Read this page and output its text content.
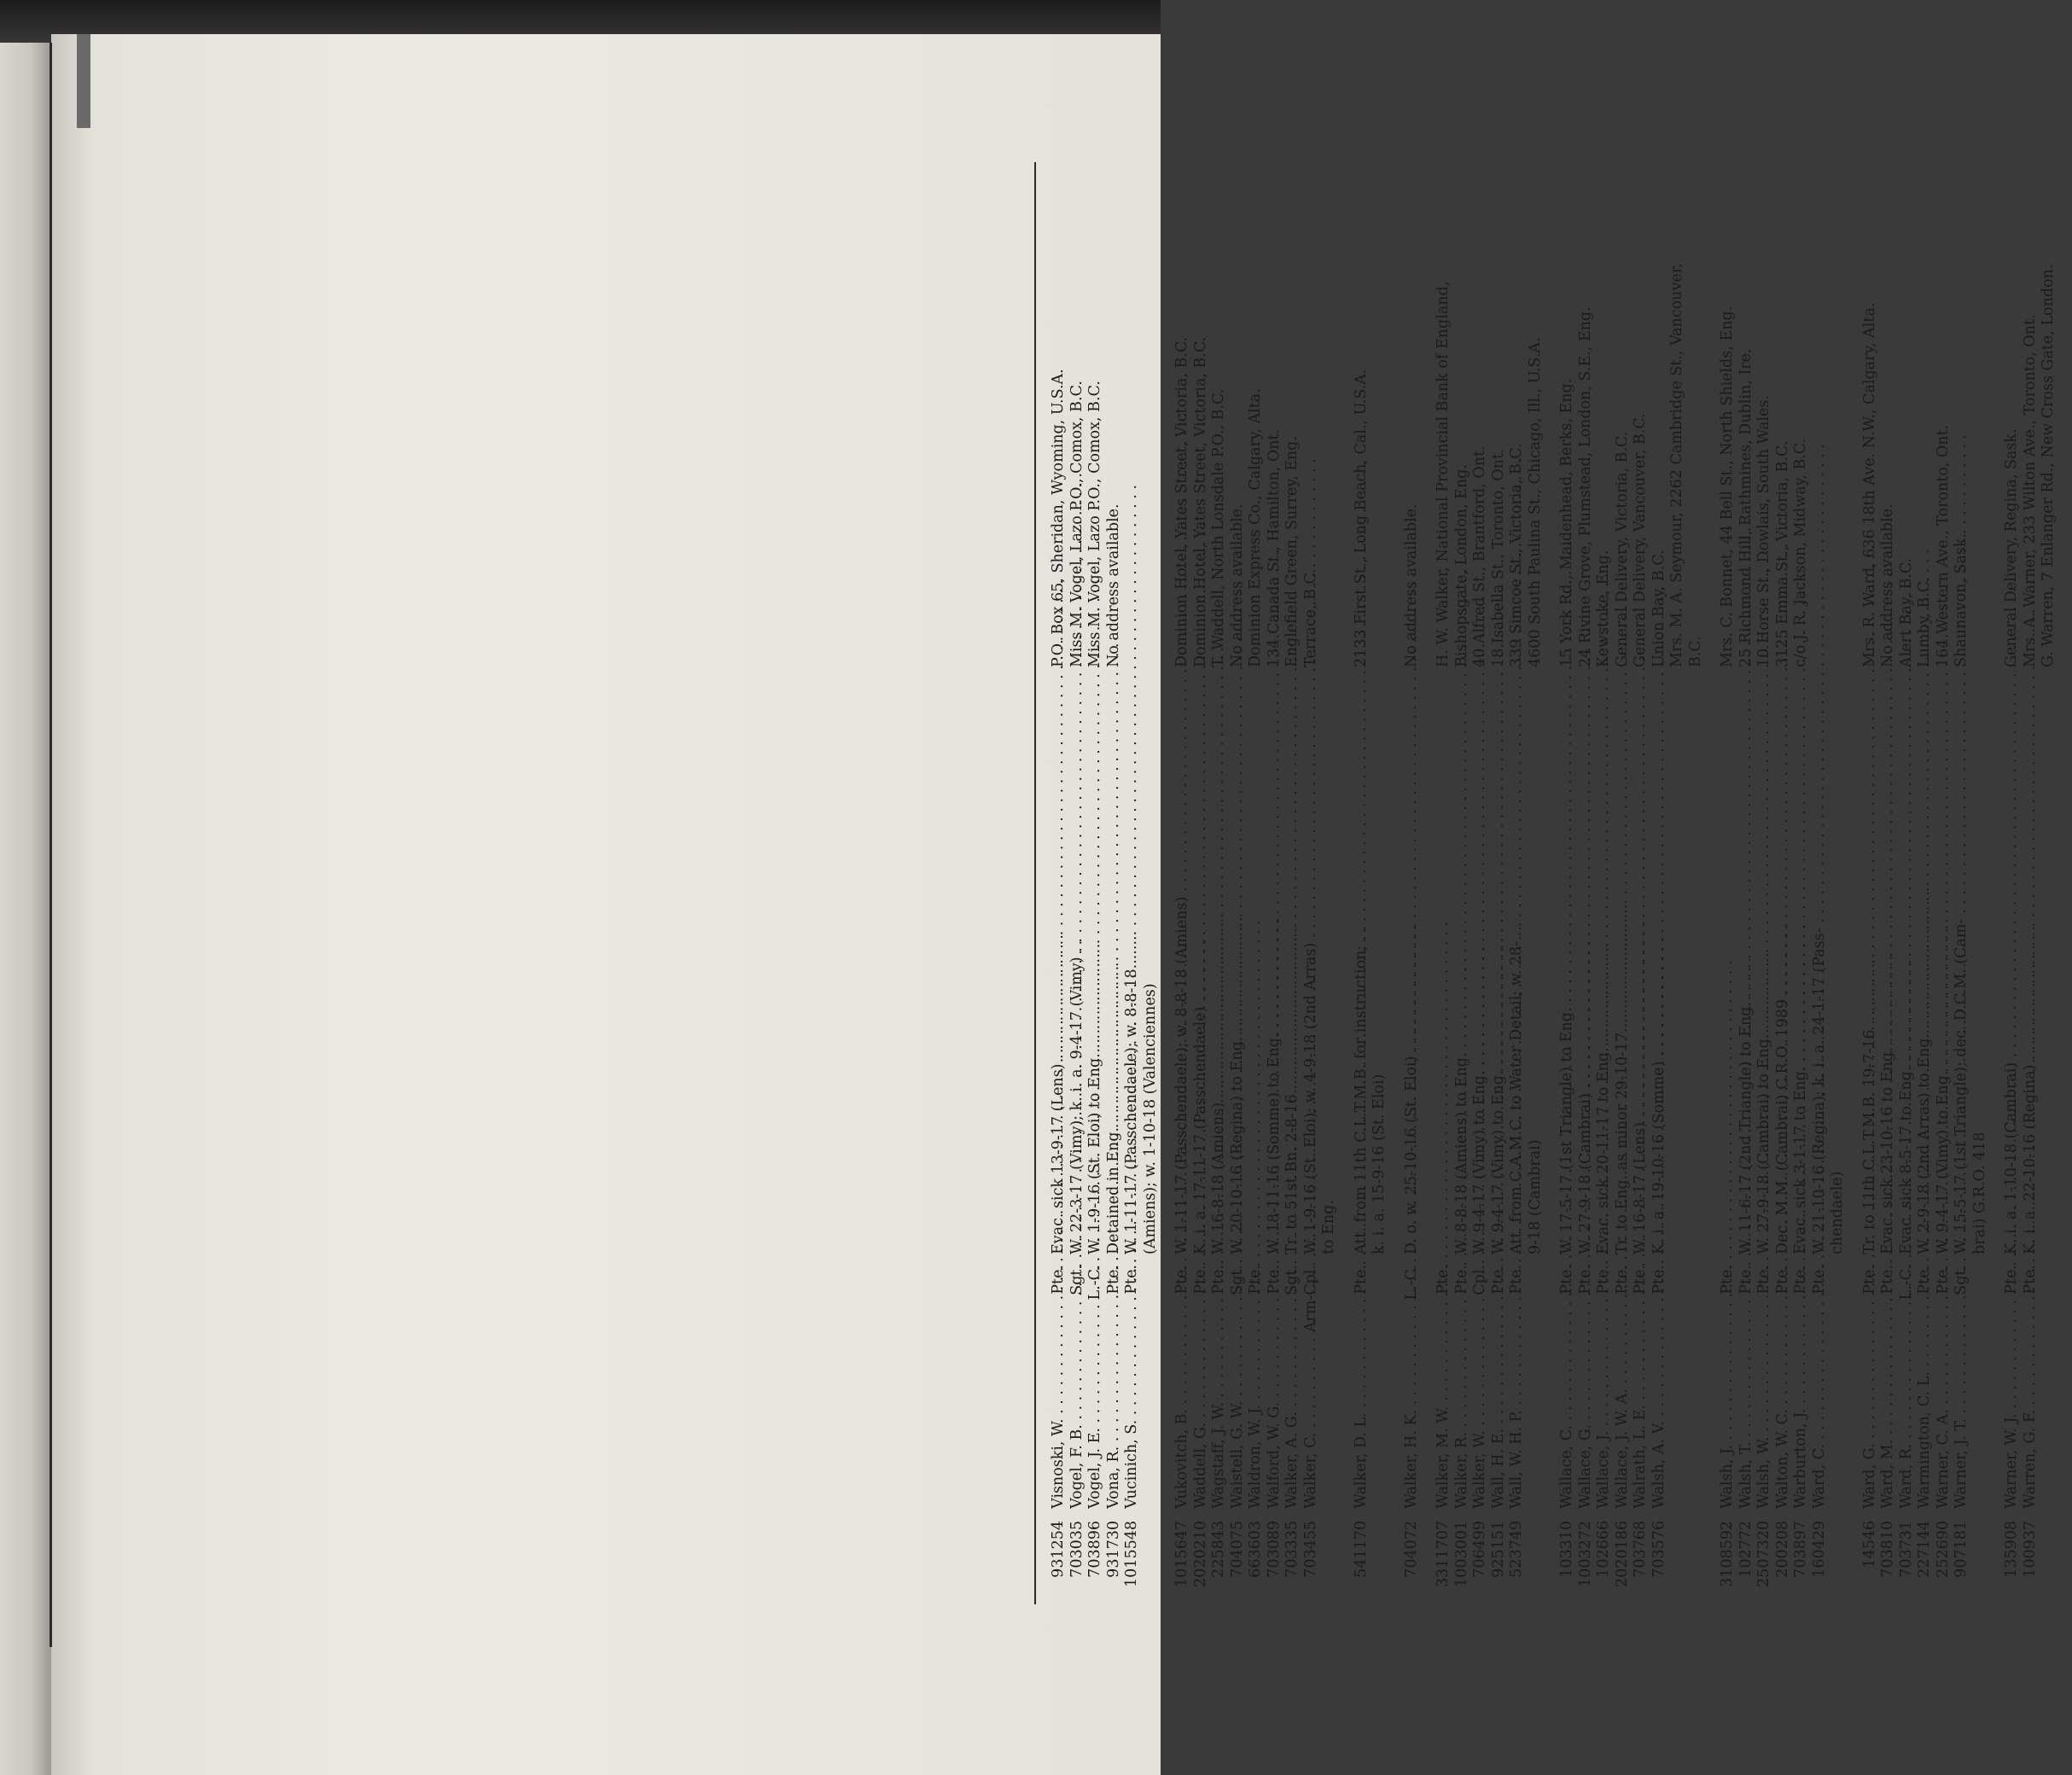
931254
Visnoski, W. . . .
Pte.
Evac. sick 13-9-17 (Lens) . . .
P.O. Box 65, Sheridan, Wyoming, U.S.A.
703035
Vogel, F. B. . . .
Sgt.
W. 22-3-17 (Vimy); k. i. a. 9-4-17 (Vimy) . . .
Miss M. Vogel, Lazo P.O., Comox, B.C.
703896
Vogel, J. E. . . .
L.-C.
W. 1-9-16 (St. Eloi) to Eng. . . .
Miss M. Vogel, Lazo P.O., Comox, B.C.
931730
Vona, R. . . .
Pte.
Detained in Eng. . . .
No address available.
1015548
Vucinich, S. . . .
Pte.
W. 1-11-17 (Passchendaele); w. 8-8-18 . . . (Amiens); w. 1-10-18 (Valenciennes)
1015647
Vukovitch, B. . . .
Pte.
W. 1-11-17 (Passchendaele); w. 8-8-18 (Amiens) . . .
Dominion Hotel, Yates Street, Victoria, B.C.
2020210
Waddell, G. . . .
Pte.
K. i. a. 17-11-17 (Passchendaele) . . .
Dominion Hotel, Yates Street, Victoria, B.C.
225843
Wagstaff, J. W. . . .
Pte.
W. 16-8-18 (Amiens) . . .
T. Waddell, North Lonsdale P.O., B.C.
704075
Waistell, G. W. . . .
Sgt.
W. 20-10-16 (Regina) to Eng. . . .
No address available.
663603
Waldron, W. J. . . .
Pte.
Dominion Express Co., Calgary, Alta.
703089
Walford, W. G. . . .
Pte.
W. 18-11-16 (Somme) to Eng. . . .
134 Canada St., Hamilton, Ont.
703335
Walker, A. G. . . .
Sgt.
Tr. to 51st Bn. 2-8-16 . . .
Englefield Green, Surrey, Eng.
703455
Walker, C. . . .
Arm-Cpl.
W. 1-9-16 (St. Eloi); w. 4-9-18 (2nd Arras) . . .
Terrace, B.C.
to Eng.
541170
Walker, D. L. . . .
Pte.
Att. from 11th C.L.T.M.B. for instruction; . . .
2133 First St., Long Beach, Cal., U.S.A.
k. i. a. 15-9-16 (St. Eloi)
704072
Walker, H. K. . . .
L.-C.
D. o. w. 25-10-16 (St. Eloi) . . .
No address available.
3311707
Walker, M. W. . . .
Pte.
H. W. Walker, National Provincial Bank of England,
1003001
Walker, R. . . .
Pte.
W. 8-8-18 (Amiens) to Eng. . . .
Bishopsgate, London, Eng.
706499
Walker, W. . . .
Cpl.
W. 9-4-17 (Vimy) to Eng. . . .
40 Alfred St., Brantford, Ont.
925151
Wall, H. E. . . .
Pte.
W. 9-4-17 (Vimy) to Eng. . . .
18 Isabella St., Toronto, Ont.
523749
Wall, W. H. P. . . .
Pte.
Att. from C.A.M.C. to Water Detail; w. 28- . . .
339 Simcoe St., Victoria, B.C.
9-18 (Cambrai)
4600 South Paulina St., Chicago, Ill., U.S.A.
103310
Wallace, C. . . .
Pte.
W. 17-5-17 (1st Triangle) to Eng. . . .
15 York Rd., Maidenhead, Berks, Eng.
1003272
Wallace, G. . . .
Pte.
W. 27-9-18 (Cambrai) . . .
24 Rivine Grove, Plumstead, London, S.E., Eng.
102666
Wallace, J. . . .
Pte.
Evac. sick 20-11-17 to Eng. . . .
Kewstoke, Eng.
2020186
Wallace, J. W. A. . . .
Pte.
Tr. to Eng. as minor 29-10-17 . . .
General Delivery, Victoria, B.C.
703768
Walrath, L. E. . . .
Pte.
W. 16-8-17 (Lens) . . .
General Delivery, Vancouver, B.C.
703576
Walsh, A. V. . . .
Pte.
K. i. a. 19-10-16 (Somme) . . .
Union Bay, B.C. Mrs. M. A. Seymour, 2262 Cambridge St., Vancouver, B.C.
3108592
Walsh, J. . . .
Pte.
Mrs. C. Bonnet, 44 Bell St., North Shields, Eng.
102772
Walsh, T. . . .
Pte.
W. 11-6-17 (2nd Triangle) to Eng. . . .
25 Richmond Hill, Rathmines, Dublin, Ire.
2507320
Walsh, W. . . .
Pte.
W. 27-9-18 (Cambrai) to Eng. . . .
10 Horse St., Dowlais, South Wales.
200208
Walton, W. C. . . .
Pte.
Dec. M.M. (Cambrai) C.R.O. 1989 . . .
3125 Emma St., Victoria, B.C.
703897
Warburton, J. . . .
Pte.
Evac. sick 3-1-17 to Eng. . . .
c/o J. R. Jackson, Midway, B.C.
160429
Ward, C. . . .
Pte.
W. 21-10-16 (Regina); k. i. a. 24-1-17 (Pass- . . . chendaele)
14546
Ward, G. . . .
Pte.
Tr. to 11th C.L.T.M.B. 19-7-16 . . .
Mrs. R. Ward, 636 18th Ave. N.W., Calgary, Alta.
703810
Ward, M. . . .
Pte.
Evac. sick 23-10-16 to Eng. . . .
No address available.
703731
Ward, R. . . .
L.-C.
Evac. sick 8-5-17 to Eng. . . .
Alert Bay, B.C.
227144
Warmington, C. L. . . .
Pte.
W. 2-9-18 (2nd Arras) to Eng. . . .
Lumby, B.C.
252690
Warner, C. A. . . .
Pte.
W. 9-4-17 (Vimy) to Eng. . . .
164 Western Ave., Toronto, Ont.
907181
Warner, J. T. . . .
Sgt.
W. 15-5-17 (1st Triangle); dec. D.C.M. (Cam- . . .
Shaunavon, Sask.
brai) G.R.O. 418
135908
Warner, W. J. . . .
Pte.
K. i. a. 1-10-18 (Cambrai) . . .
General Delivery, Regina, Sask.
100937
Warren, G. F. . . .
Pte.
K. i. a. 22-10-16 (Regina) . . .
Mrs. A. Warner, 233 Wilton Ave., Toronto, Ont. G. Warren, 7 Enlanger Rd., New Cross Gate, London.
